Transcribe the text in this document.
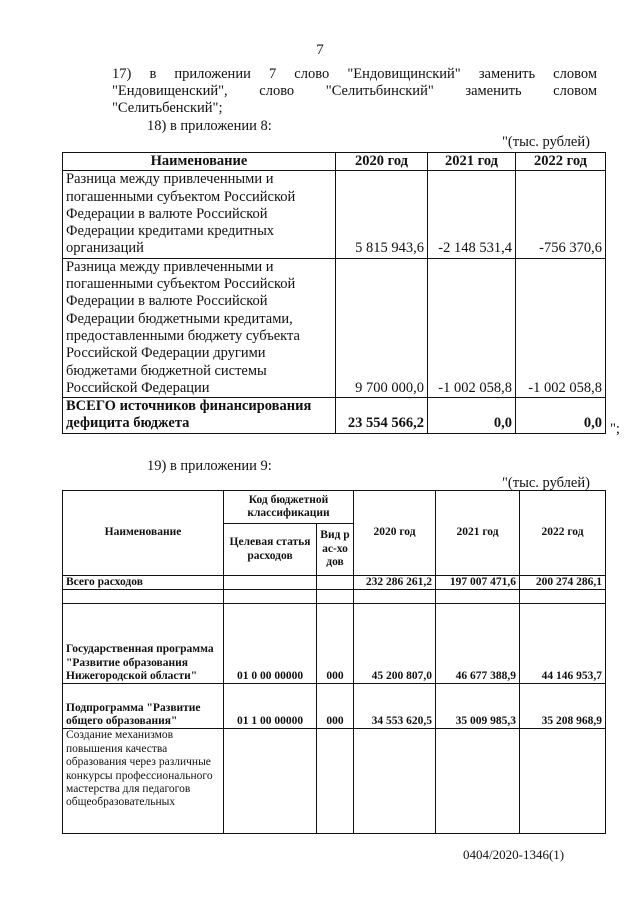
7
17) в приложении 7 слово "Ендовищинский" заменить словом
"Ендовищенский", слово "Селитьбинский" заменить словом
"Селитьбенский";
18) в приложении 8:
"(тыс. рублей)
Наименование	2020 год	2021 год	2022 год
Разница между привлеченными и погашенными субъектом Российской Федерации в валюте Российской Федерации кредитами кредитных организаций	5 815 943,6	-2 148 531,4	-756 370,6
Разница между привлеченными и погашенными субъектом Российской Федерации в валюте Российской Федерации бюджетными кредитами, предоставленными бюджету субъекта Российской Федерации другими бюджетами бюджетной системы Российской Федерации	9 700 000,0	-1 002 058,8	-1 002 058,8
ВСЕГО источников финансирования дефицита бюджета	23 554 566,2	0,0	0,0 ";
19) в приложении 9:
"(тыс. рублей)
Наименование	Код бюджетной классификации		2020 год	2021 год	2022 год
	Целевая статья расходов	Вид рас-ходов			
Всего расходов			232 286 261,2	197 007 471,6	200 274 286,1

Государственная программа "Развитие образования Нижегородской области"	01 0 00 00000	000	45 200 807,0	46 677 388,9	44 146 953,7
Подпрограмма "Развитие общего образования"	01 1 00 00000	000	34 553 620,5	35 009 985,3	35 208 968,9
Создание механизмов повышения качества образования через различные конкурсы профессионального мастерства для педагогов общеобразовательных					
0404/2020-1346(1)
